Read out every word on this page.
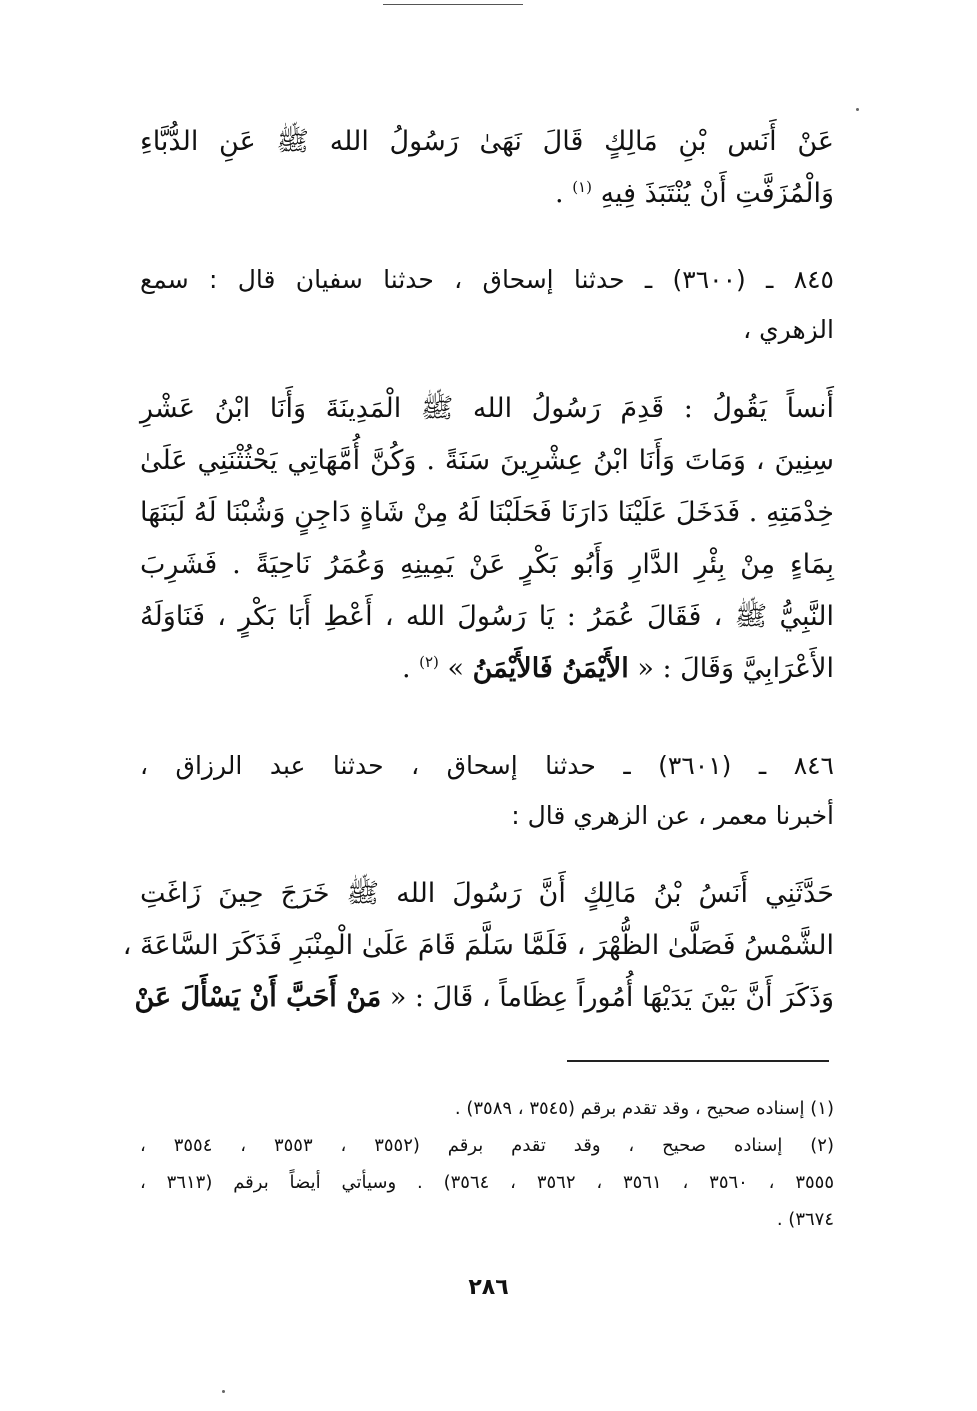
عَنْ أَنَس بْنِ مَالِكٍ قَالَ نَهَىٰ رَسُولُ الله ﷺ عَنِ الدُّبَّاءِ
وَالْمُزَفَّتِ أَنْ يُنْتَبَذَ فِيهِ $^{(١)}$ .
٨٤٥ ـ (٣٦٠٠) ـ حدثنا إسحاق ، حدثنا سفيان قال : سمع
الزهري ،
أَنساً يَقُولُ : قَدِمَ رَسُولُ الله ﷺ الْمَدِينَةَ وَأَنَا ابْنُ عَشْرِ
سِنِينَ ، وَمَاتَ وَأَنَا ابْنُ عِشْرِينَ سَنَةً . وَكُنَّ أُمَّهَاتِي يَحْثُثْنَنِي عَلَىٰ
خِدْمَتِهِ . فَدَخَلَ عَلَيْنَا دَارَنَا فَحَلَبْنَا لَهُ مِنْ شَاةٍ دَاجِنٍ وَشُبْنَا لَهُ لَبَنَهَا
بِمَاءٍ مِنْ بِئْرِ الدَّارِ وَأَبُو بَكْرٍ عَنْ يَمِينِهِ وَعُمَرُ نَاحِيَةً . فَشَرِبَ
النَّبِيُّ ﷺ ، فَقَالَ عُمَرُ : يَا رَسُولَ الله ، أَعْطِ أَبَا بَكْرٍ ، فَنَاوَلَهُ
الأَعْرَابِيَّ وَقَالَ : « الأَيْمَنُ فَالأَيْمَنُ » $^{(٢)}$ .
٨٤٦ ـ (٣٦٠١) ـ حدثنا إسحاق ، حدثنا عبد الرزاق ،
أخبرنا معمر ، عن الزهري قال :
حَدَّثَنِي أَنَسُ بْنُ مَالِكٍ أَنَّ رَسُولَ الله ﷺ خَرَجَ حِينَ زَاغَتِ
الشَّمْسُ فَصَلَّىٰ الظُّهْرَ ، فَلَمَّا سَلَّمَ قَامَ عَلَىٰ الْمِنْبَرِ فَذَكَرَ السَّاعَةَ ،
وَذَكَرَ أَنَّ بَيْنَ يَدَيْهَا أُمُوراً عِظَاماً ، قَالَ : « مَنْ أَحَبَّ أَنْ يَسْأَلَ عَنْ
(١) إسناده صحيح ، وقد تقدم برقم (٣٥٤٥ ، ٣٥٨٩) .
(٢) إسناده صحيح ، وقد تقدم برقم (٣٥٥٢ ، ٣٥٥٣ ، ٣٥٥٤ ،
٣٥٥٥ ، ٣٥٦٠ ، ٣٥٦١ ، ٣٥٦٢ ، ٣٥٦٤) . وسيأتي أيضاً برقم (٣٦١٣ ،
٣٦٧٤) .
٢٨٦
